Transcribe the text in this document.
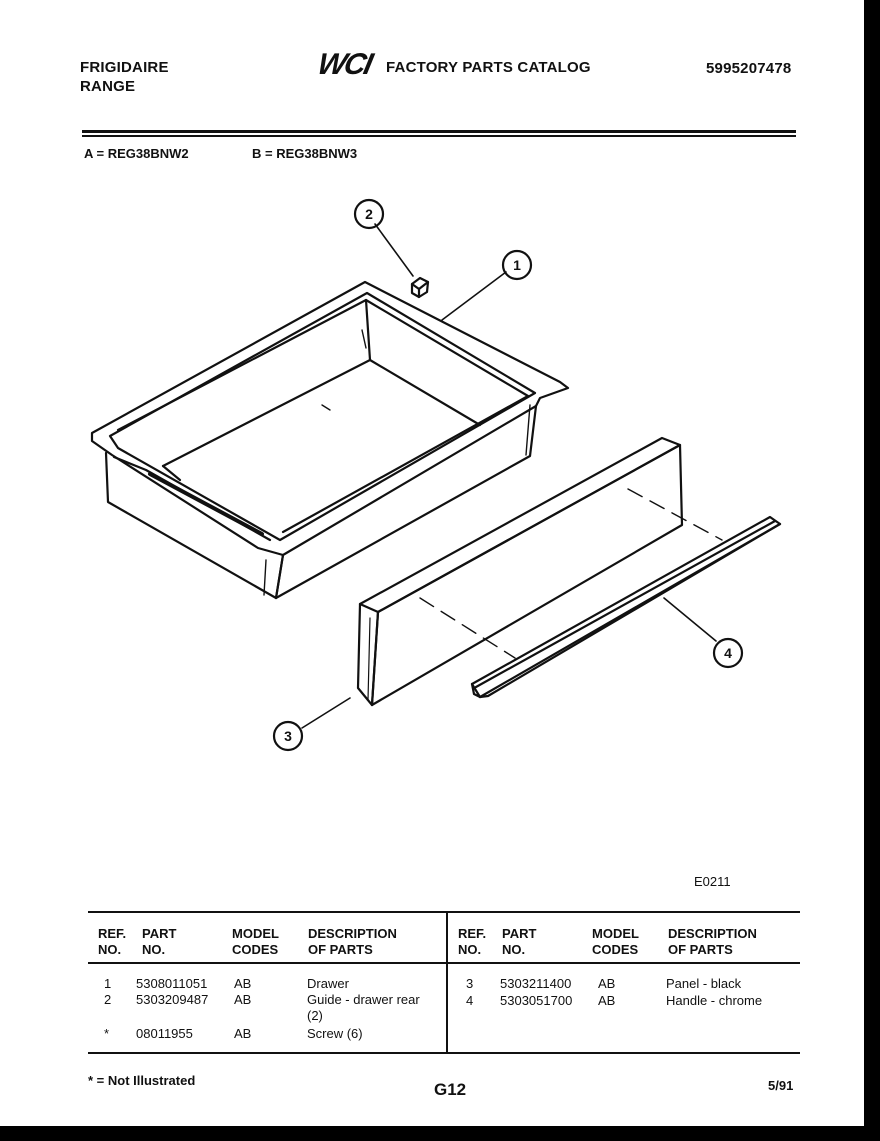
FRIGIDAIRE
RANGE
WCI FACTORY PARTS CATALOG	5995207478
A = REG38BNW2	B = REG38BNW3
2
1
3
4
E0211
REF.
NO.
PART
NO.
MODEL
CODES
DESCRIPTION
OF PARTS
REF.
NO.
PART
NO.
MODEL
CODES
DESCRIPTION
OF PARTS
1 5308011051 AB	Drawer
2 5303209487 AB	Guide - drawer rear
(2)
* 08011955	AB	Screw (6)
3 5303211400 AB	Panel - black
4 5303051700 AB	Handle - chrome
* = Not Illustrated	G12	5/91
